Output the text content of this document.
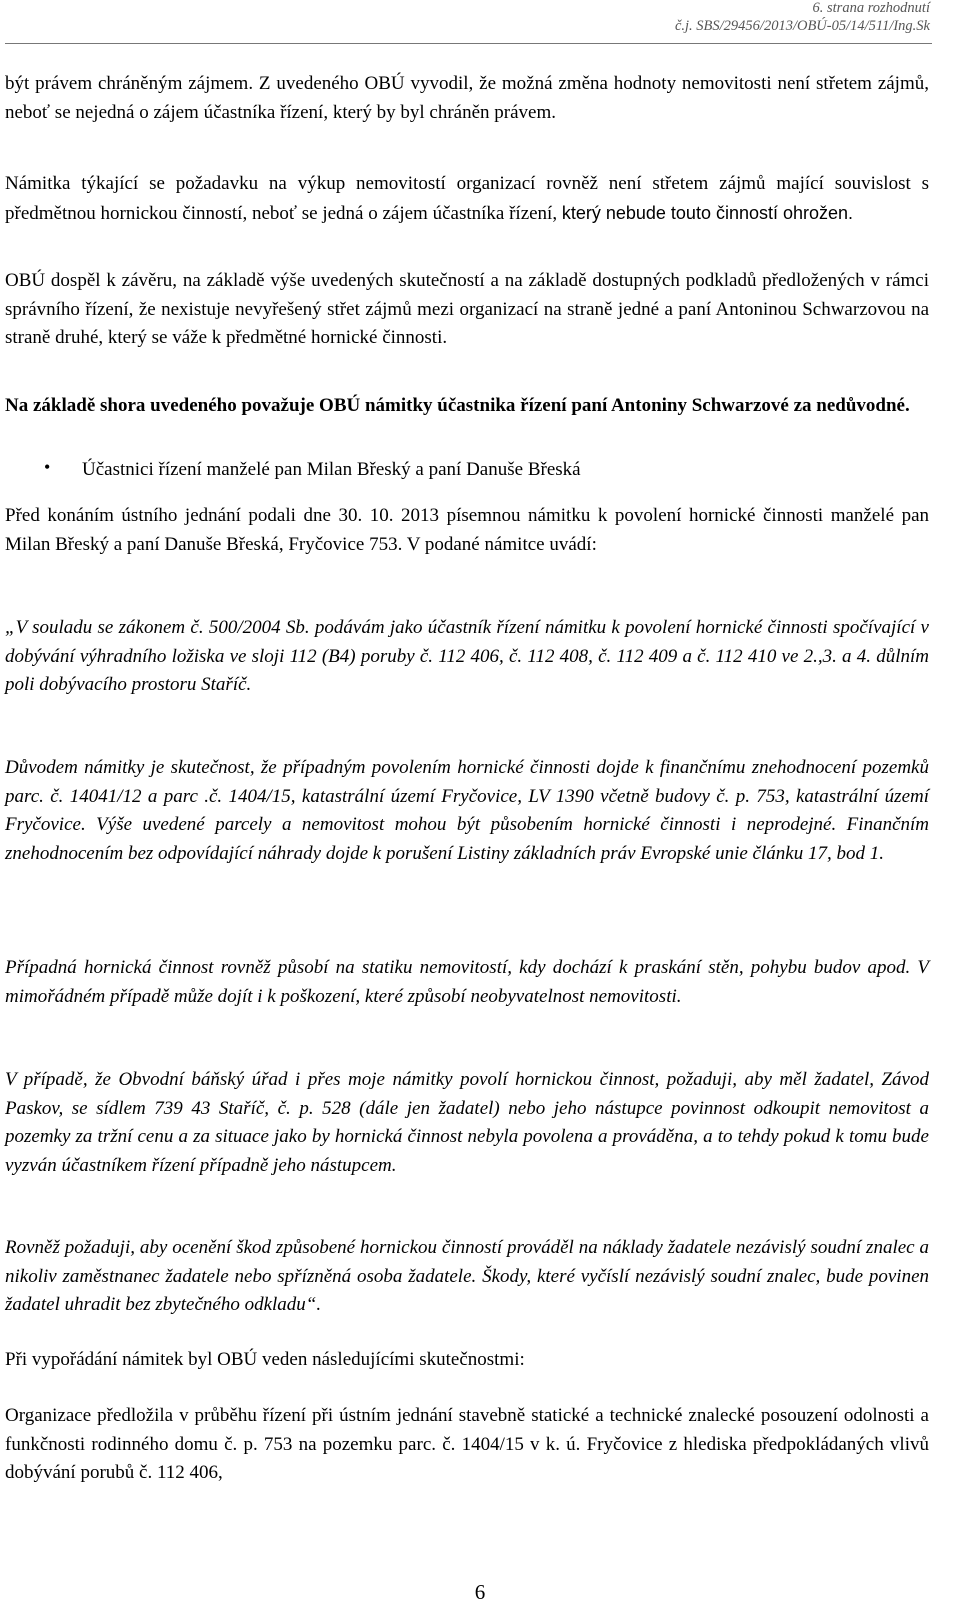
6. strana rozhodnutí
č.j. SBS/29456/2013/OBÚ-05/14/511/Ing.Sk
být právem chráněným zájmem. Z uvedeného OBÚ vyvodil, že možná změna hodnoty nemovitosti není střetem zájmů, neboť se nejedná o zájem účastníka řízení, který by byl chráněn právem.
Námitka týkající se požadavku na výkup nemovitostí organizací rovněž není střetem zájmů mající souvislost s předmětnou hornickou činností, neboť se jedná o zájem účastníka řízení, který nebude touto činností ohrožen.
OBÚ dospěl k závěru, na základě výše uvedených skutečností a na základě dostupných podkladů předložených v rámci správního řízení, že nexistuje nevyřešený střet zájmů mezi organizací na straně jedné a paní Antoninou Schwarzovou na straně druhé, který se váže k předmětné hornické činnosti.
Na základě shora uvedeného považuje OBÚ námitky účastnika řízení paní Antoniny Schwarzové za nedůvodné.
• Účastnici řízení manželé pan Milan Břeský a paní Danuše Břeská
Před konáním ústního jednání podali dne 30. 10. 2013 písemnou námitku k povolení hornické činnosti manželé pan Milan Břeský a paní Danuše Břeská, Fryčovice 753. V podané námitce uvádí:
„V souladu se zákonem č. 500/2004 Sb. podávám jako účastník řízení námitku k povolení hornické činnosti spočívající v dobývání výhradního ložiska ve sloji 112 (B4) poruby č. 112 406, č. 112 408, č. 112 409 a č. 112 410 ve 2.,3. a 4. důlním poli dobývacího prostoru Staříč.
Důvodem námitky je skutečnost, že případným povolením hornické činnosti dojde k finančnímu znehodnocení pozemků parc. č. 14041/12 a parc .č. 1404/15, katastrální území Fryčovice, LV 1390 včetně budovy č. p. 753, katastrální území Fryčovice. Výše uvedené parcely a nemovitost mohou být působením hornické činnosti i neprodejné. Finančním znehodnocením bez odpovídající náhrady dojde k porušení Listiny základních práv Evropské unie článku 17, bod 1.
Případná hornická činnost rovněž působí na statiku nemovitostí, kdy dochází k praskání stěn, pohybu budov apod. V mimořádném případě může dojít i k poškození, které způsobí neobyvatelnost nemovitosti.
V případě, že Obvodní báňský úřad i přes moje námitky povolí hornickou činnost, požaduji, aby měl žadatel, Závod Paskov, se sídlem 739 43 Staříč, č. p. 528 (dále jen žadatel) nebo jeho nástupce povinnost odkoupit nemovitost a pozemky za tržní cenu a za situace jako by hornická činnost nebyla povolena a prováděna, a to tehdy pokud k tomu bude vyzván účastníkem řízení případně jeho nástupcem.
Rovněž požaduji, aby ocenění škod způsobené hornickou činností prováděl na náklady žadatele nezávislý soudní znalec a nikoliv zaměstnanec žadatele nebo spřízněná osoba žadatele. Škody, které vyčíslí nezávislý soudní znalec, bude povinen žadatel uhradit bez zbytečného odkladu“.
Při vypořádání námitek byl OBÚ veden následujícími skutečnostmi:
Organizace předložila v průběhu řízení při ústním jednání stavebně statické a technické znalecké posouzení odolnosti a funkčnosti rodinného domu č. p. 753 na pozemku parc. č. 1404/15 v k. ú. Fryčovice z hlediska předpokládaných vlivů dobývání porubů č. 112 406,
6
